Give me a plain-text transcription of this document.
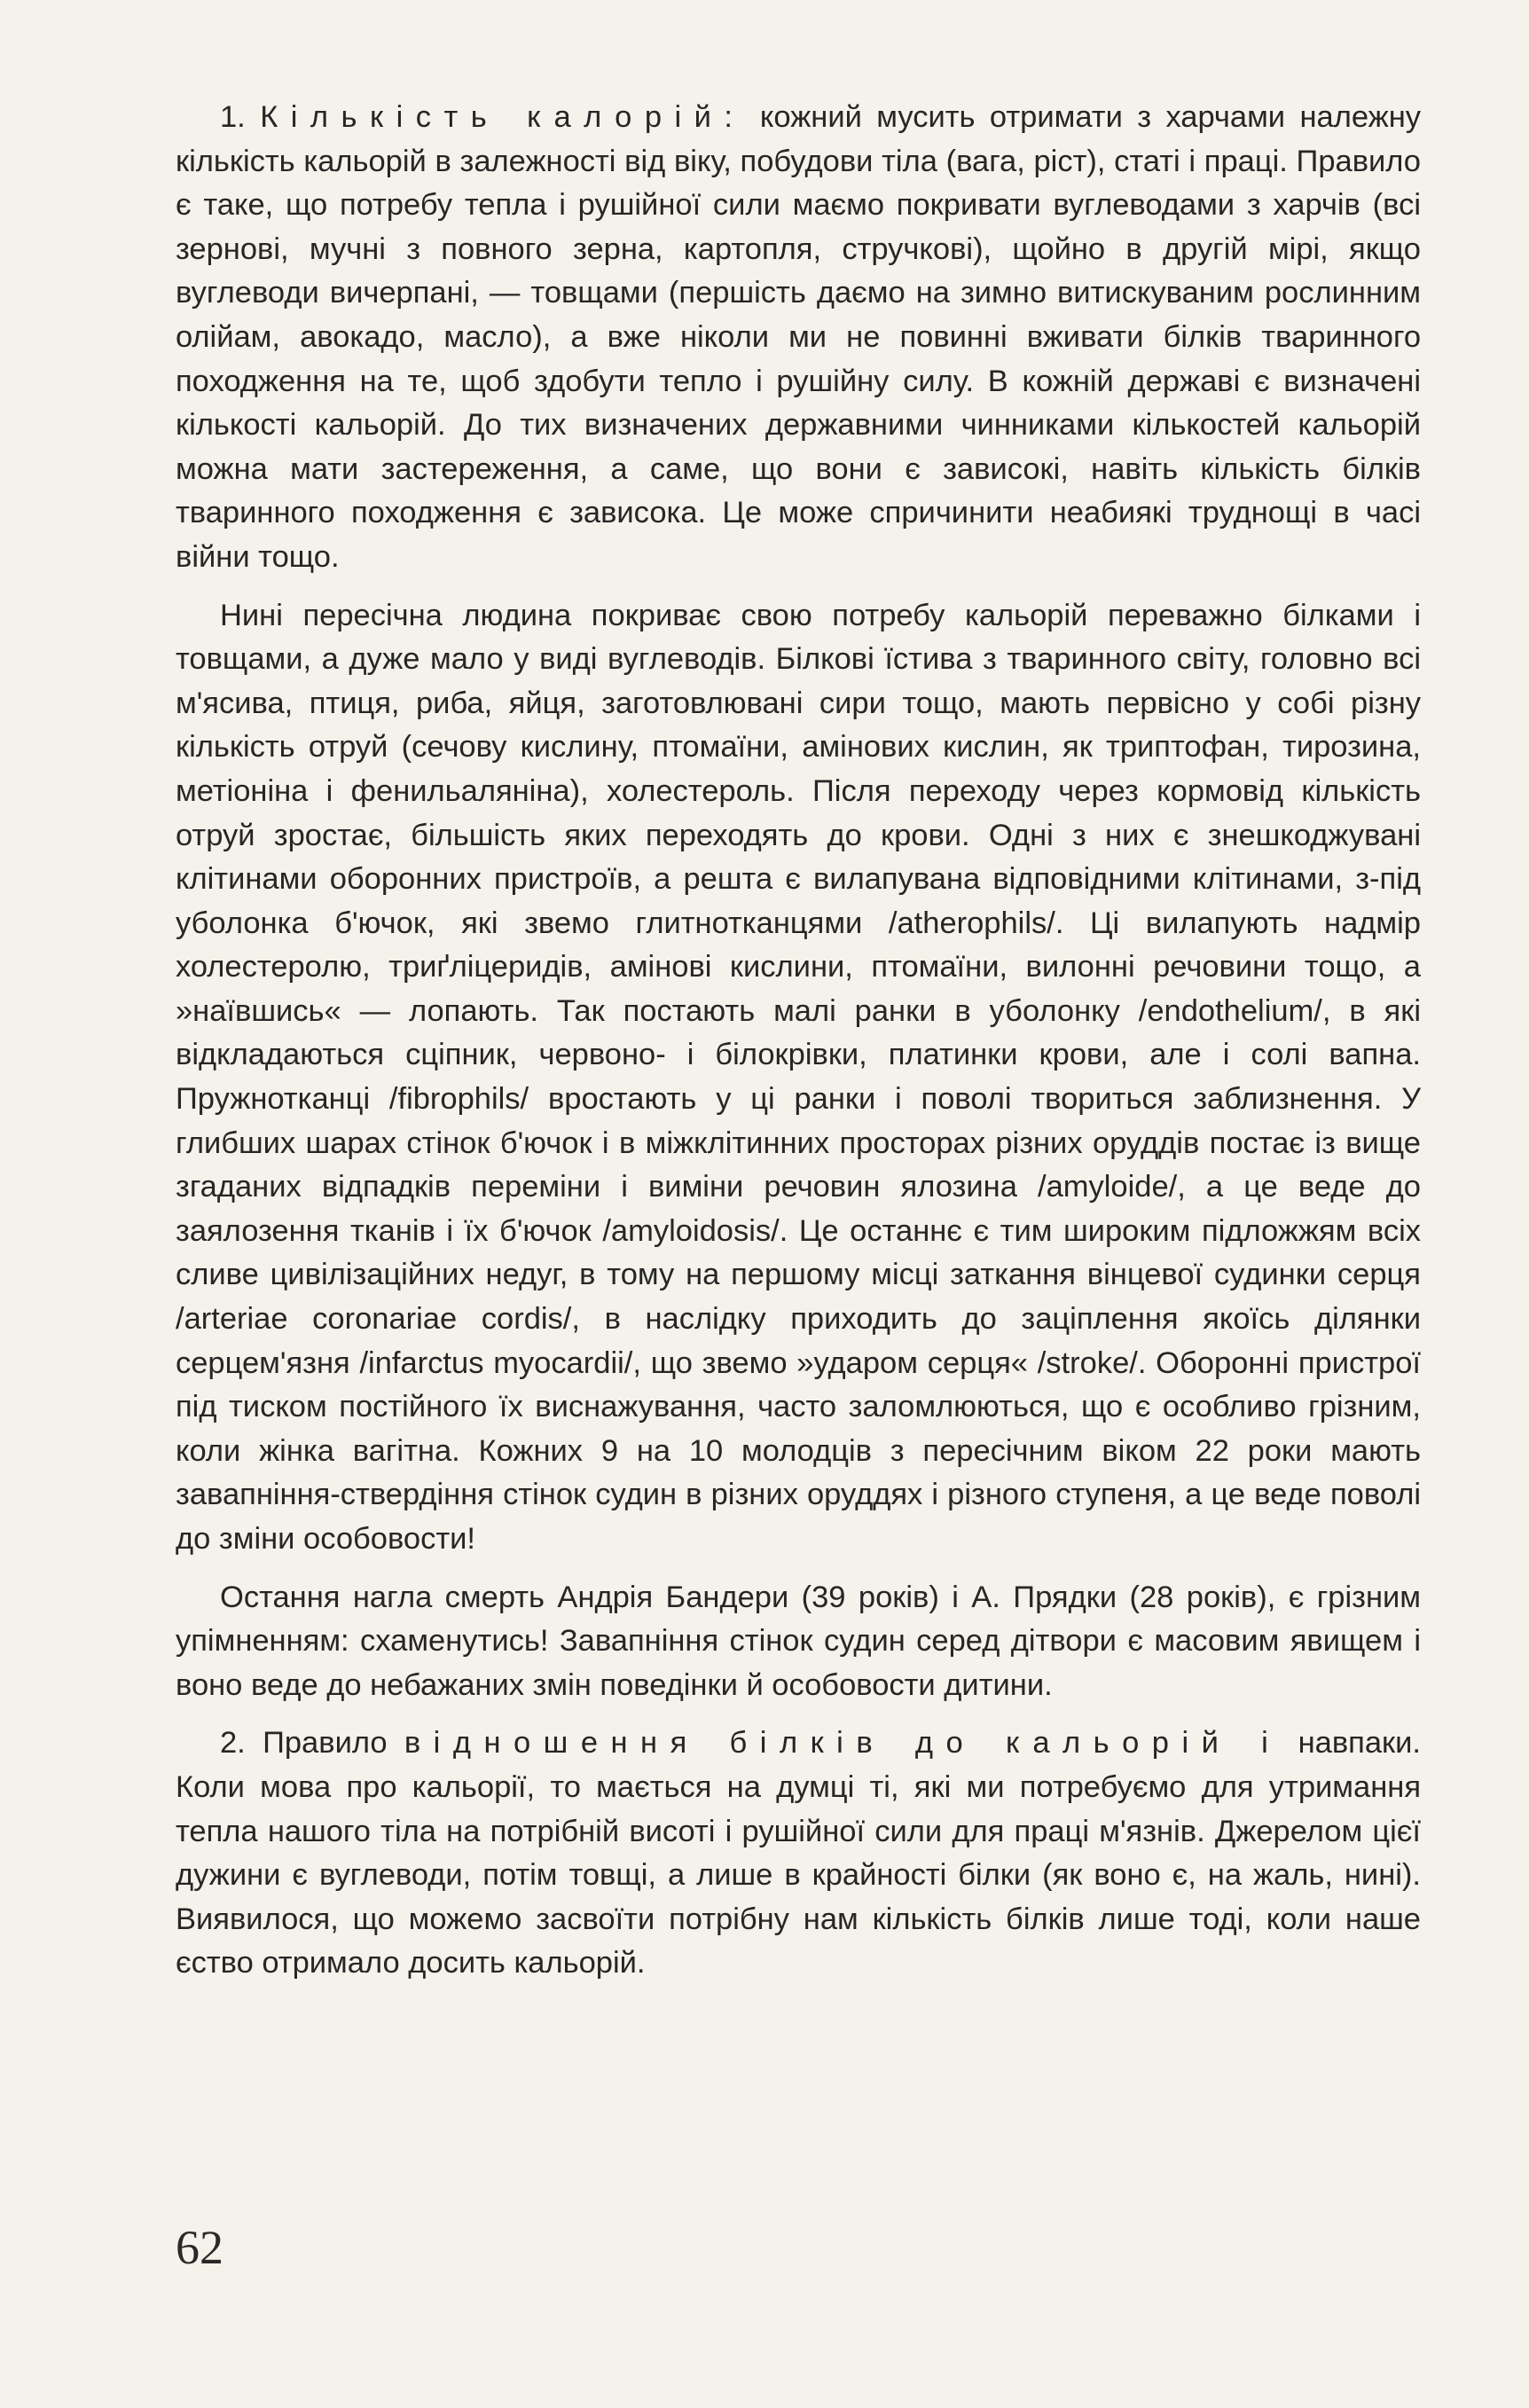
1. Кількість калорій: кожний мусить отримати з харчами належну кількість кальорій в залежності від віку, побудови тіла (вага, ріст), статі і праці. Правило є таке, що потребу тепла і рушійної сили маємо покривати вуглеводами з харчів (всі зернові, мучні з повного зерна, картопля, стручкові), щойно в другій мірі, якщо вуглеводи вичерпані, — товщами (першість даємо на зимно витискуваним рослинним олійам, авокадо, масло), а вже ніколи ми не повинні вживати білків тваринного походження на те, щоб здобути тепло і рушійну силу. В кожній державі є визначені кількості кальорій. До тих визначених державними чинниками кількостей кальорій можна мати застереження, а саме, що вони є зависокі, навіть кількість білків тваринного походження є зависока. Це може спричинити неабиякі труднощі в часі війни тощо.

Нині пересічна людина покриває свою потребу кальорій переважно білками і товщами, а дуже мало у виді вуглеводів. Білкові їстива з тваринного світу, головно всі м'ясива, птиця, риба, яйця, заготовлювані сири тощо, мають первісно у собі різну кількість отруй (сечову кислину, птомаїни, амінових кислин, як триптофан, тирозина, метіоніна і фенильаляніна), холестероль. Після переходу через кормовід кількість отруй зростає, більшість яких переходять до крови. Одні з них є знешкоджувані клітинами оборонних пристроїв, а решта є вилапувана відповідними клітинами, з-під уболонка б'ючок, які звемо глитнотканцями /atherophils/. Ці вилапують надмір холестеролю, триґліцеридів, амінові кислини, птомаїни, вилонні речовини тощо, а »наївшись« — лопають. Так постають малі ранки в уболонку /endothelium/, в які відкладаються сціпник, червоно- і білокрівки, платинки крови, але і солі вапна. Пружнотканці /fibrophils/ вростають у ці ранки і поволі твориться заблизнення. У глибших шарах стінок б'ючок і в міжклітинних просторах різних оруддів постає із вище згаданих відпадків переміни і виміни речовин ялозина /amyloide/, а це веде до заялозення тканів і їх б'ючок /amyloidosis/. Це останнє є тим широким підложжям всіх сливе цивілізаційних недуг, в тому на першому місці заткання вінцевої судинки серця /arteriae coronariae cordis/, в наслідку приходить до заціплення якоїсь ділянки серцем'язня /infarctus myocardii/, що звемо »ударом серця« /stroke/. Оборонні пристрої під тиском постійного їх виснажування, часто заломлюються, що є особливо грізним, коли жінка вагітна. Кожних 9 на 10 молодців з пересічним віком 22 роки мають завапніння-ствердіння стінок судин в різних оруддях і різного ступеня, а це веде поволі до зміни особовости!

Остання нагла смерть Андрія Бандери (39 років) і А. Прядки (28 років), є грізним упімненням: схаменутись! Завапніння стінок судин серед дітвори є масовим явищем і воно веде до небажаних змін поведінки й особовости дитини.

2. Правило відношення білків до кальорій і навпаки. Коли мова про кальорії, то мається на думці ті, які ми потребуємо для утримання тепла нашого тіла на потрібній висоті і рушійної сили для праці м'язнів. Джерелом цієї дужини є вуглеводи, потім товщі, а лише в крайності білки (як воно є, на жаль, нині). Виявилося, що можемо засвоїти потрібну нам кількість білків лише тоді, коли наше єство отримало досить кальорій.

62
